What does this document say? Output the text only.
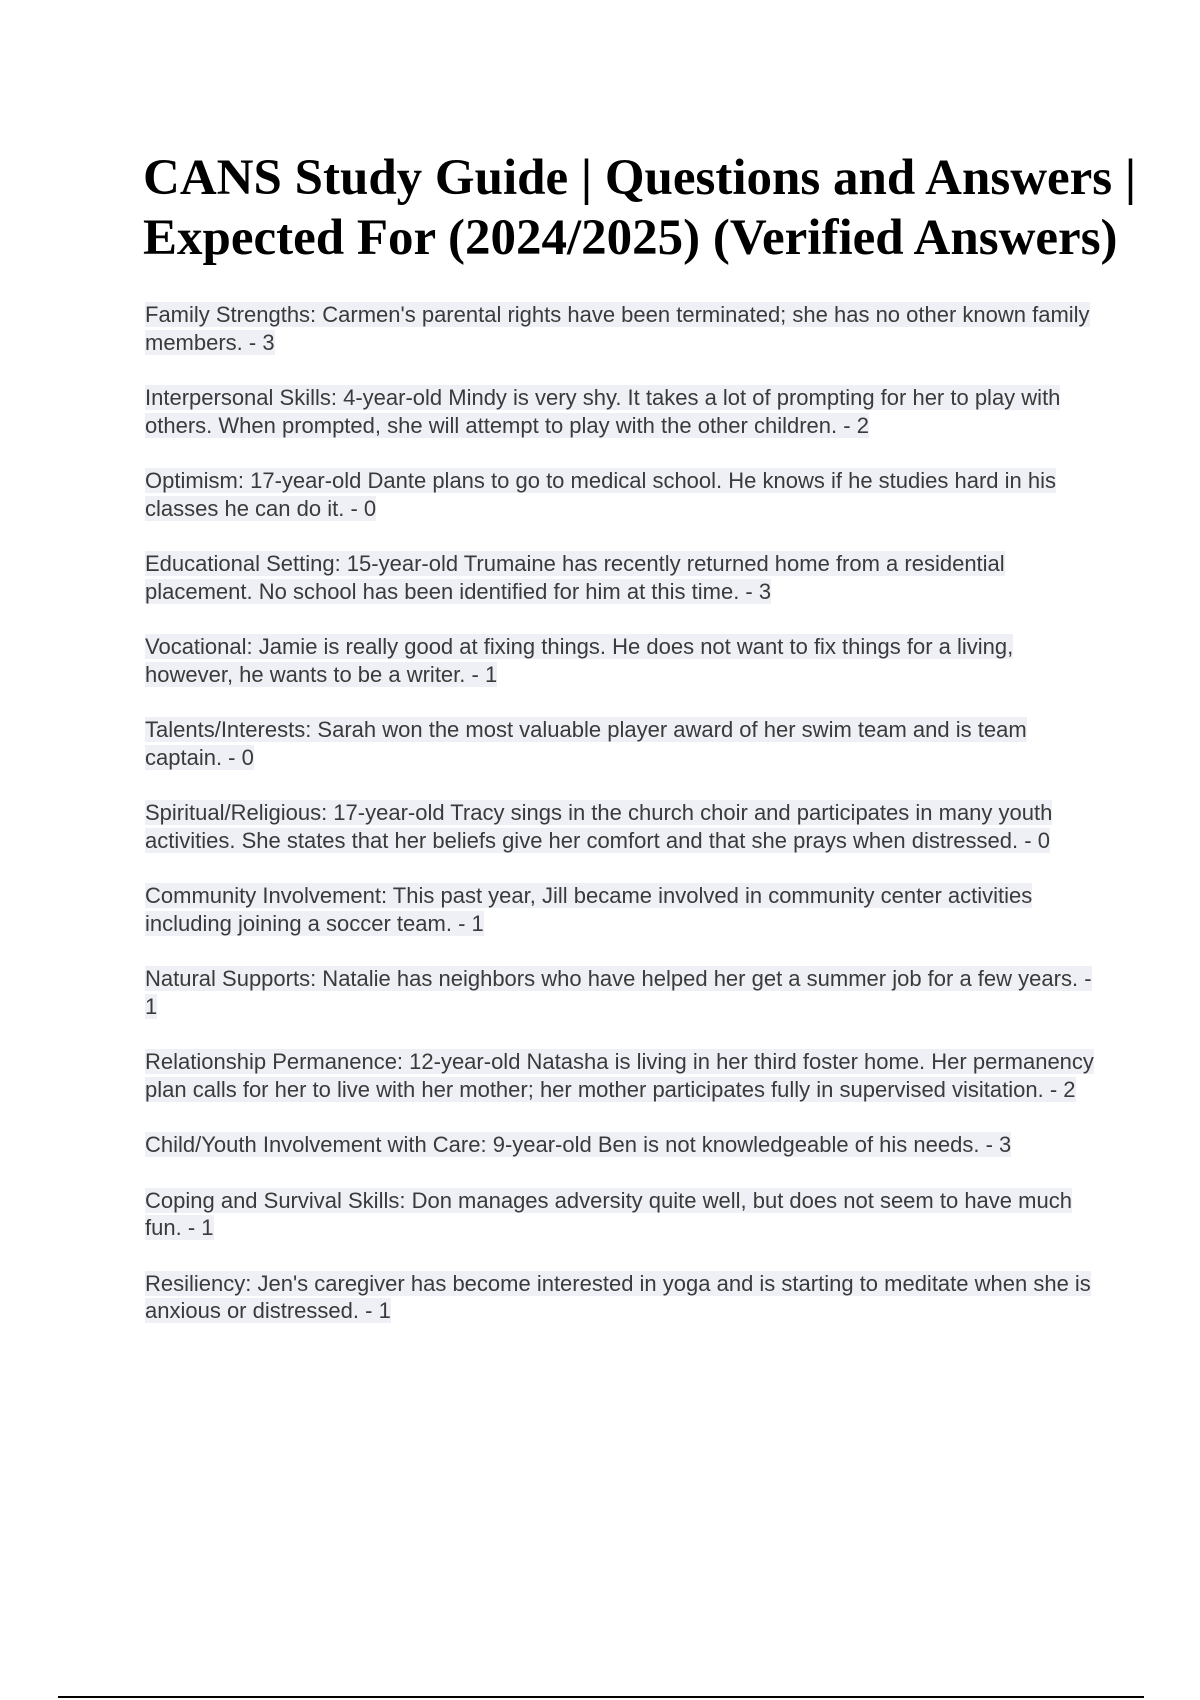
CANS Study Guide | Questions and Answers | Expected For (2024/2025) (Verified Answers)

Family Strengths: Carmen's parental rights have been terminated; she has no other known family members. - 3

Interpersonal Skills: 4-year-old Mindy is very shy. It takes a lot of prompting for her to play with others. When prompted, she will attempt to play with the other children. - 2

Optimism: 17-year-old Dante plans to go to medical school. He knows if he studies hard in his classes he can do it. - 0

Educational Setting: 15-year-old Trumaine has recently returned home from a residential placement. No school has been identified for him at this time. - 3

Vocational: Jamie is really good at fixing things. He does not want to fix things for a living, however, he wants to be a writer. - 1

Talents/Interests: Sarah won the most valuable player award of her swim team and is team captain. - 0

Spiritual/Religious: 17-year-old Tracy sings in the church choir and participates in many youth activities. She states that her beliefs give her comfort and that she prays when distressed. - 0

Community Involvement: This past year, Jill became involved in community center activities including joining a soccer team. - 1

Natural Supports: Natalie has neighbors who have helped her get a summer job for a few years. - 1

Relationship Permanence: 12-year-old Natasha is living in her third foster home. Her permanency plan calls for her to live with her mother; her mother participates fully in supervised visitation. - 2

Child/Youth Involvement with Care: 9-year-old Ben is not knowledgeable of his needs. - 3

Coping and Survival Skills: Don manages adversity quite well, but does not seem to have much fun. - 1

Resiliency: Jen's caregiver has become interested in yoga and is starting to meditate when she is anxious or distressed. - 1
